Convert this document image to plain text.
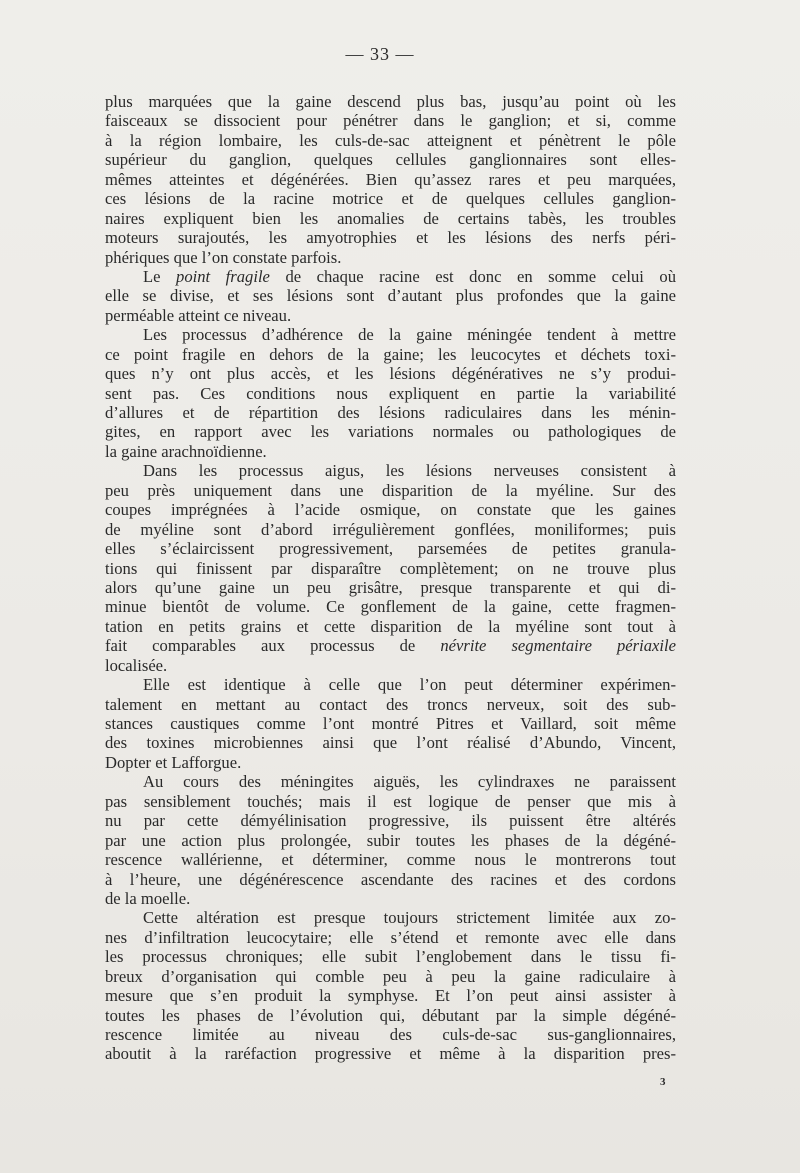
— 33 —
plus marquées que la gaine descend plus bas, jusqu’au point où les
faisceaux se dissocient pour pénétrer dans le ganglion; et si, comme
à la région lombaire, les culs-de-sac atteignent et pénètrent le pôle
supérieur du ganglion, quelques cellules ganglionnaires sont elles-
mêmes atteintes et dégénérées. Bien qu’assez rares et peu marquées,
ces lésions de la racine motrice et de quelques cellules ganglion-
naires expliquent bien les anomalies de certains tabès, les troubles
moteurs surajoutés, les amyotrophies et les lésions des nerfs péri-
phériques que l’on constate parfois.
Le point fragile de chaque racine est donc en somme celui où
elle se divise, et ses lésions sont d’autant plus profondes que la gaine
perméable atteint ce niveau.
Les processus d’adhérence de la gaine méningée tendent à mettre
ce point fragile en dehors de la gaine; les leucocytes et déchets toxi-
ques n’y ont plus accès, et les lésions dégénératives ne s’y produi-
sent pas. Ces conditions nous expliquent en partie la variabilité
d’allures et de répartition des lésions radiculaires dans les ménin-
gites, en rapport avec les variations normales ou pathologiques de
la gaine arachnoïdienne.
Dans les processus aigus, les lésions nerveuses consistent à
peu près uniquement dans une disparition de la myéline. Sur des
coupes imprégnées à l’acide osmique, on constate que les gaines
de myéline sont d’abord irrégulièrement gonflées, moniliformes; puis
elles s’éclaircissent progressivement, parsemées de petites granula-
tions qui finissent par disparaître complètement; on ne trouve plus
alors qu’une gaine un peu grisâtre, presque transparente et qui di-
minue bientôt de volume. Ce gonflement de la gaine, cette fragmen-
tation en petits grains et cette disparition de la myéline sont tout à
fait comparables aux processus de névrite segmentaire périaxile
localisée.
Elle est identique à celle que l’on peut déterminer expérimen-
talement en mettant au contact des troncs nerveux, soit des sub-
stances caustiques comme l’ont montré Pitres et Vaillard, soit même
des toxines microbiennes ainsi que l’ont réalisé d’Abundo, Vincent,
Dopter et Lafforgue.
Au cours des méningites aiguës, les cylindraxes ne paraissent
pas sensiblement touchés; mais il est logique de penser que mis à
nu par cette démyélinisation progressive, ils puissent être altérés
par une action plus prolongée, subir toutes les phases de la dégéné-
rescence wallérienne, et déterminer, comme nous le montrerons tout
à l’heure, une dégénérescence ascendante des racines et des cordons
de la moelle.
Cette altération est presque toujours strictement limitée aux zo-
nes d’infiltration leucocytaire; elle s’étend et remonte avec elle dans
les processus chroniques; elle subit l’englobement dans le tissu fi-
breux d’organisation qui comble peu à peu la gaine radiculaire à
mesure que s’en produit la symphyse. Et l’on peut ainsi assister à
toutes les phases de l’évolution qui, débutant par la simple dégéné-
rescence limitée au niveau des culs-de-sac sus-ganglionnaires,
aboutit à la raréfaction progressive et même à la disparition pres-
3
